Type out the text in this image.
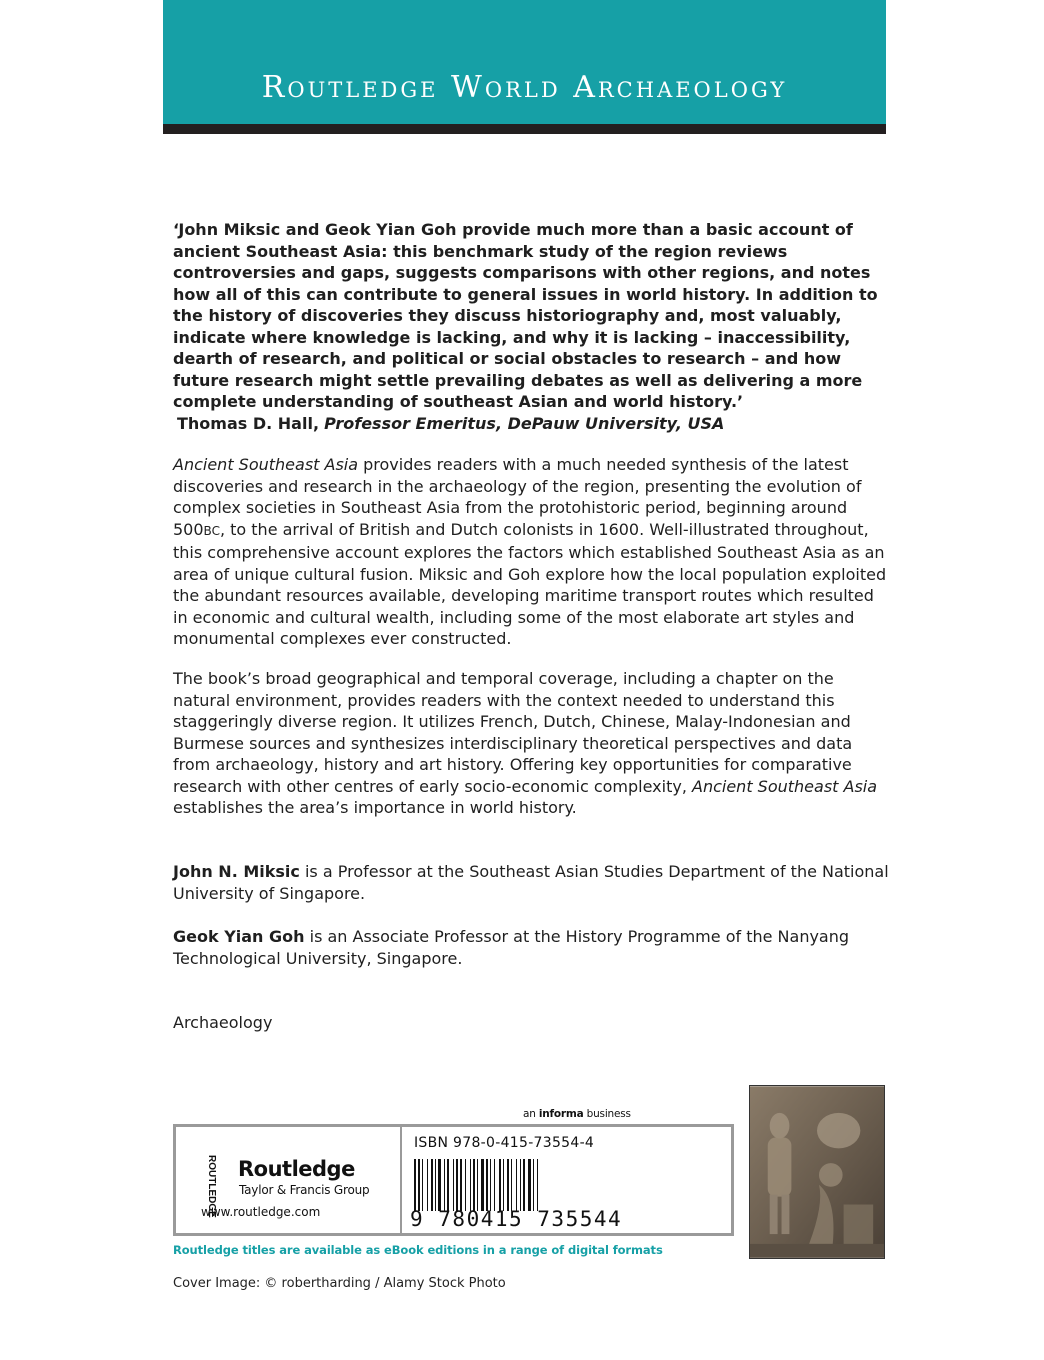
Routledge World Archaeology
‘John Miksic and Geok Yian Goh provide much more than a basic account of ancient Southeast Asia: this benchmark study of the region reviews controversies and gaps, suggests comparisons with other regions, and notes how all of this can contribute to general issues in world history. In addition to the history of discoveries they discuss historiography and, most valuably, indicate where knowledge is lacking, and why it is lacking – inaccessibility, dearth of research, and political or social obstacles to research – and how future research might settle prevailing debates as well as delivering a more complete understanding of southeast Asian and world history.’
Thomas D. Hall, Professor Emeritus, DePauw University, USA
Ancient Southeast Asia provides readers with a much needed synthesis of the latest discoveries and research in the archaeology of the region, presenting the evolution of complex societies in Southeast Asia from the protohistoric period, beginning around 500BC, to the arrival of British and Dutch colonists in 1600. Well-illustrated throughout, this comprehensive account explores the factors which established Southeast Asia as an area of unique cultural fusion. Miksic and Goh explore how the local population exploited the abundant resources available, developing maritime transport routes which resulted in economic and cultural wealth, including some of the most elaborate art styles and monumental complexes ever constructed.
The book’s broad geographical and temporal coverage, including a chapter on the natural environment, provides readers with the context needed to understand this staggeringly diverse region. It utilizes French, Dutch, Chinese, Malay-Indonesian and Burmese sources and synthesizes interdisciplinary theoretical perspectives and data from archaeology, history and art history. Offering key opportunities for comparative research with other centres of early socio-economic complexity, Ancient Southeast Asia establishes the area’s importance in world history.
John N. Miksic is a Professor at the Southeast Asian Studies Department of the National University of Singapore.
Geok Yian Goh is an Associate Professor at the History Programme of the Nanyang Technological University, Singapore.
Archaeology
an informa business
ROUTLEDGE Routledge
Taylor & Francis Group
www.routledge.com
ISBN 978-0-415-73554-4
9 780415 735544
Routledge titles are available as eBook editions in a range of digital formats
Cover Image: © robertharding / Alamy Stock Photo
